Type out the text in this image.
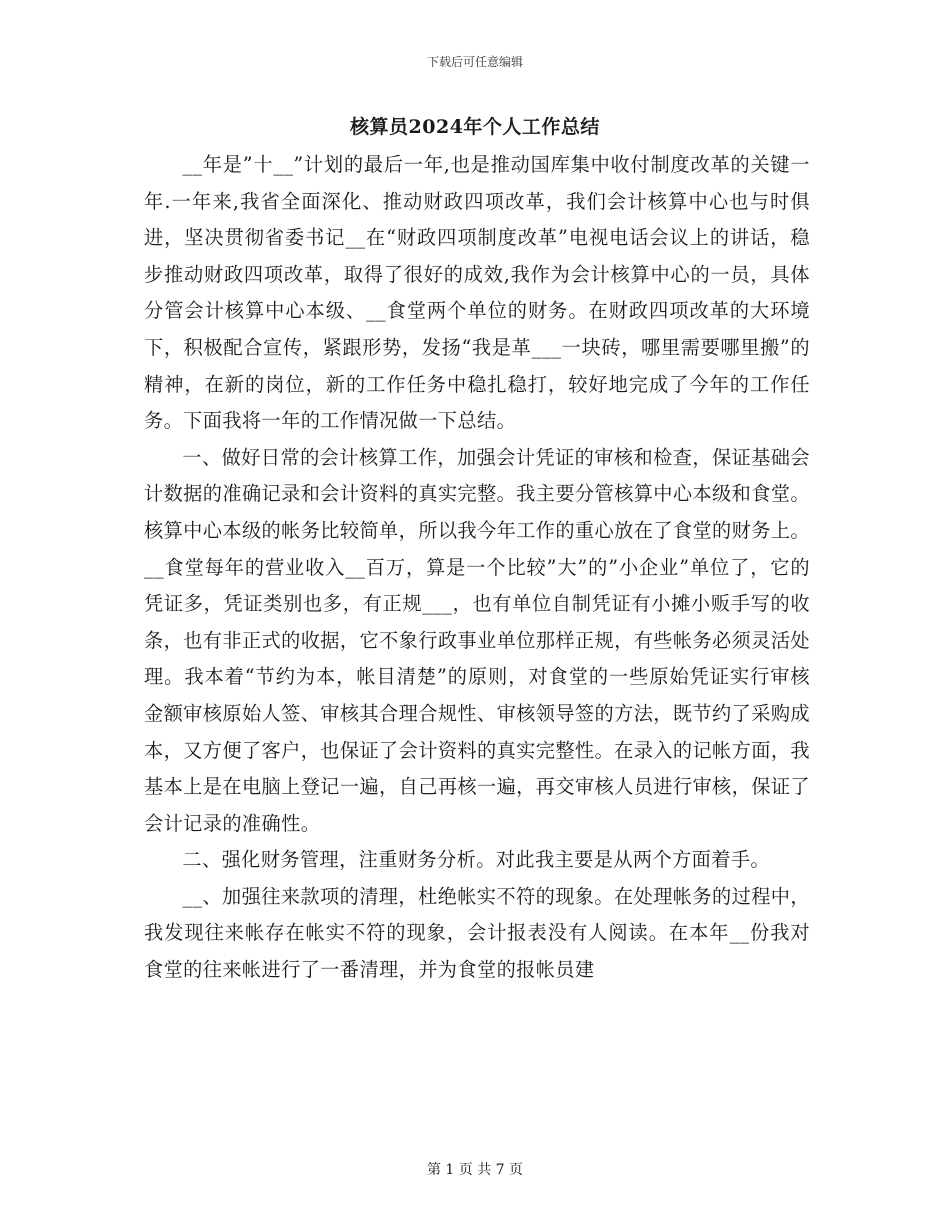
下载后可任意编辑
核算员2024年个人工作总结

__年是”十__”计划的最后一年,也是推动国库集中收付制度改革的关键一年.一年来,我省全面深化、推动财政四项改革，我们会计核算中心也与时俱进，坚决贯彻省委书记__在“财政四项制度改革”电视电话会议上的讲话，稳步推动财政四项改革，取得了很好的成效,我作为会计核算中心的一员，具体分管会计核算中心本级、__食堂两个单位的财务。在财政四项改革的大环境下，积极配合宣传，紧跟形势，发扬“我是革___一块砖，哪里需要哪里搬”的精神，在新的岗位，新的工作任务中稳扎稳打，较好地完成了今年的工作任务。下面我将一年的工作情况做一下总结。

一、做好日常的会计核算工作，加强会计凭证的审核和检查，保证基础会计数据的准确记录和会计资料的真实完整。我主要分管核算中心本级和食堂。核算中心本级的帐务比较简单，所以我今年工作的重心放在了食堂的财务上。__食堂每年的营业收入__百万，算是一个比较”大”的”小企业”单位了，它的凭证多，凭证类别也多，有正规___，也有单位自制凭证有小摊小贩手写的收条，也有非正式的收据，它不象行政事业单位那样正规，有些帐务必须灵活处理。我本着“节约为本，帐目清楚”的原则，对食堂的一些原始凭证实行审核金额审核原始人签、审核其合理合规性、审核领导签的方法，既节约了采购成本，又方便了客户，也保证了会计资料的真实完整性。在录入的记帐方面，我基本上是在电脑上登记一遍，自己再核一遍，再交审核人员进行审核，保证了会计记录的准确性。

二、强化财务管理，注重财务分析。对此我主要是从两个方面着手。

__、加强往来款项的清理，杜绝帐实不符的现象。在处理帐务的过程中，我发现往来帐存在帐实不符的现象，会计报表没有人阅读。在本年__份我对食堂的往来帐进行了一番清理，并为食堂的报帐员建

第 1 页 共 7 页
